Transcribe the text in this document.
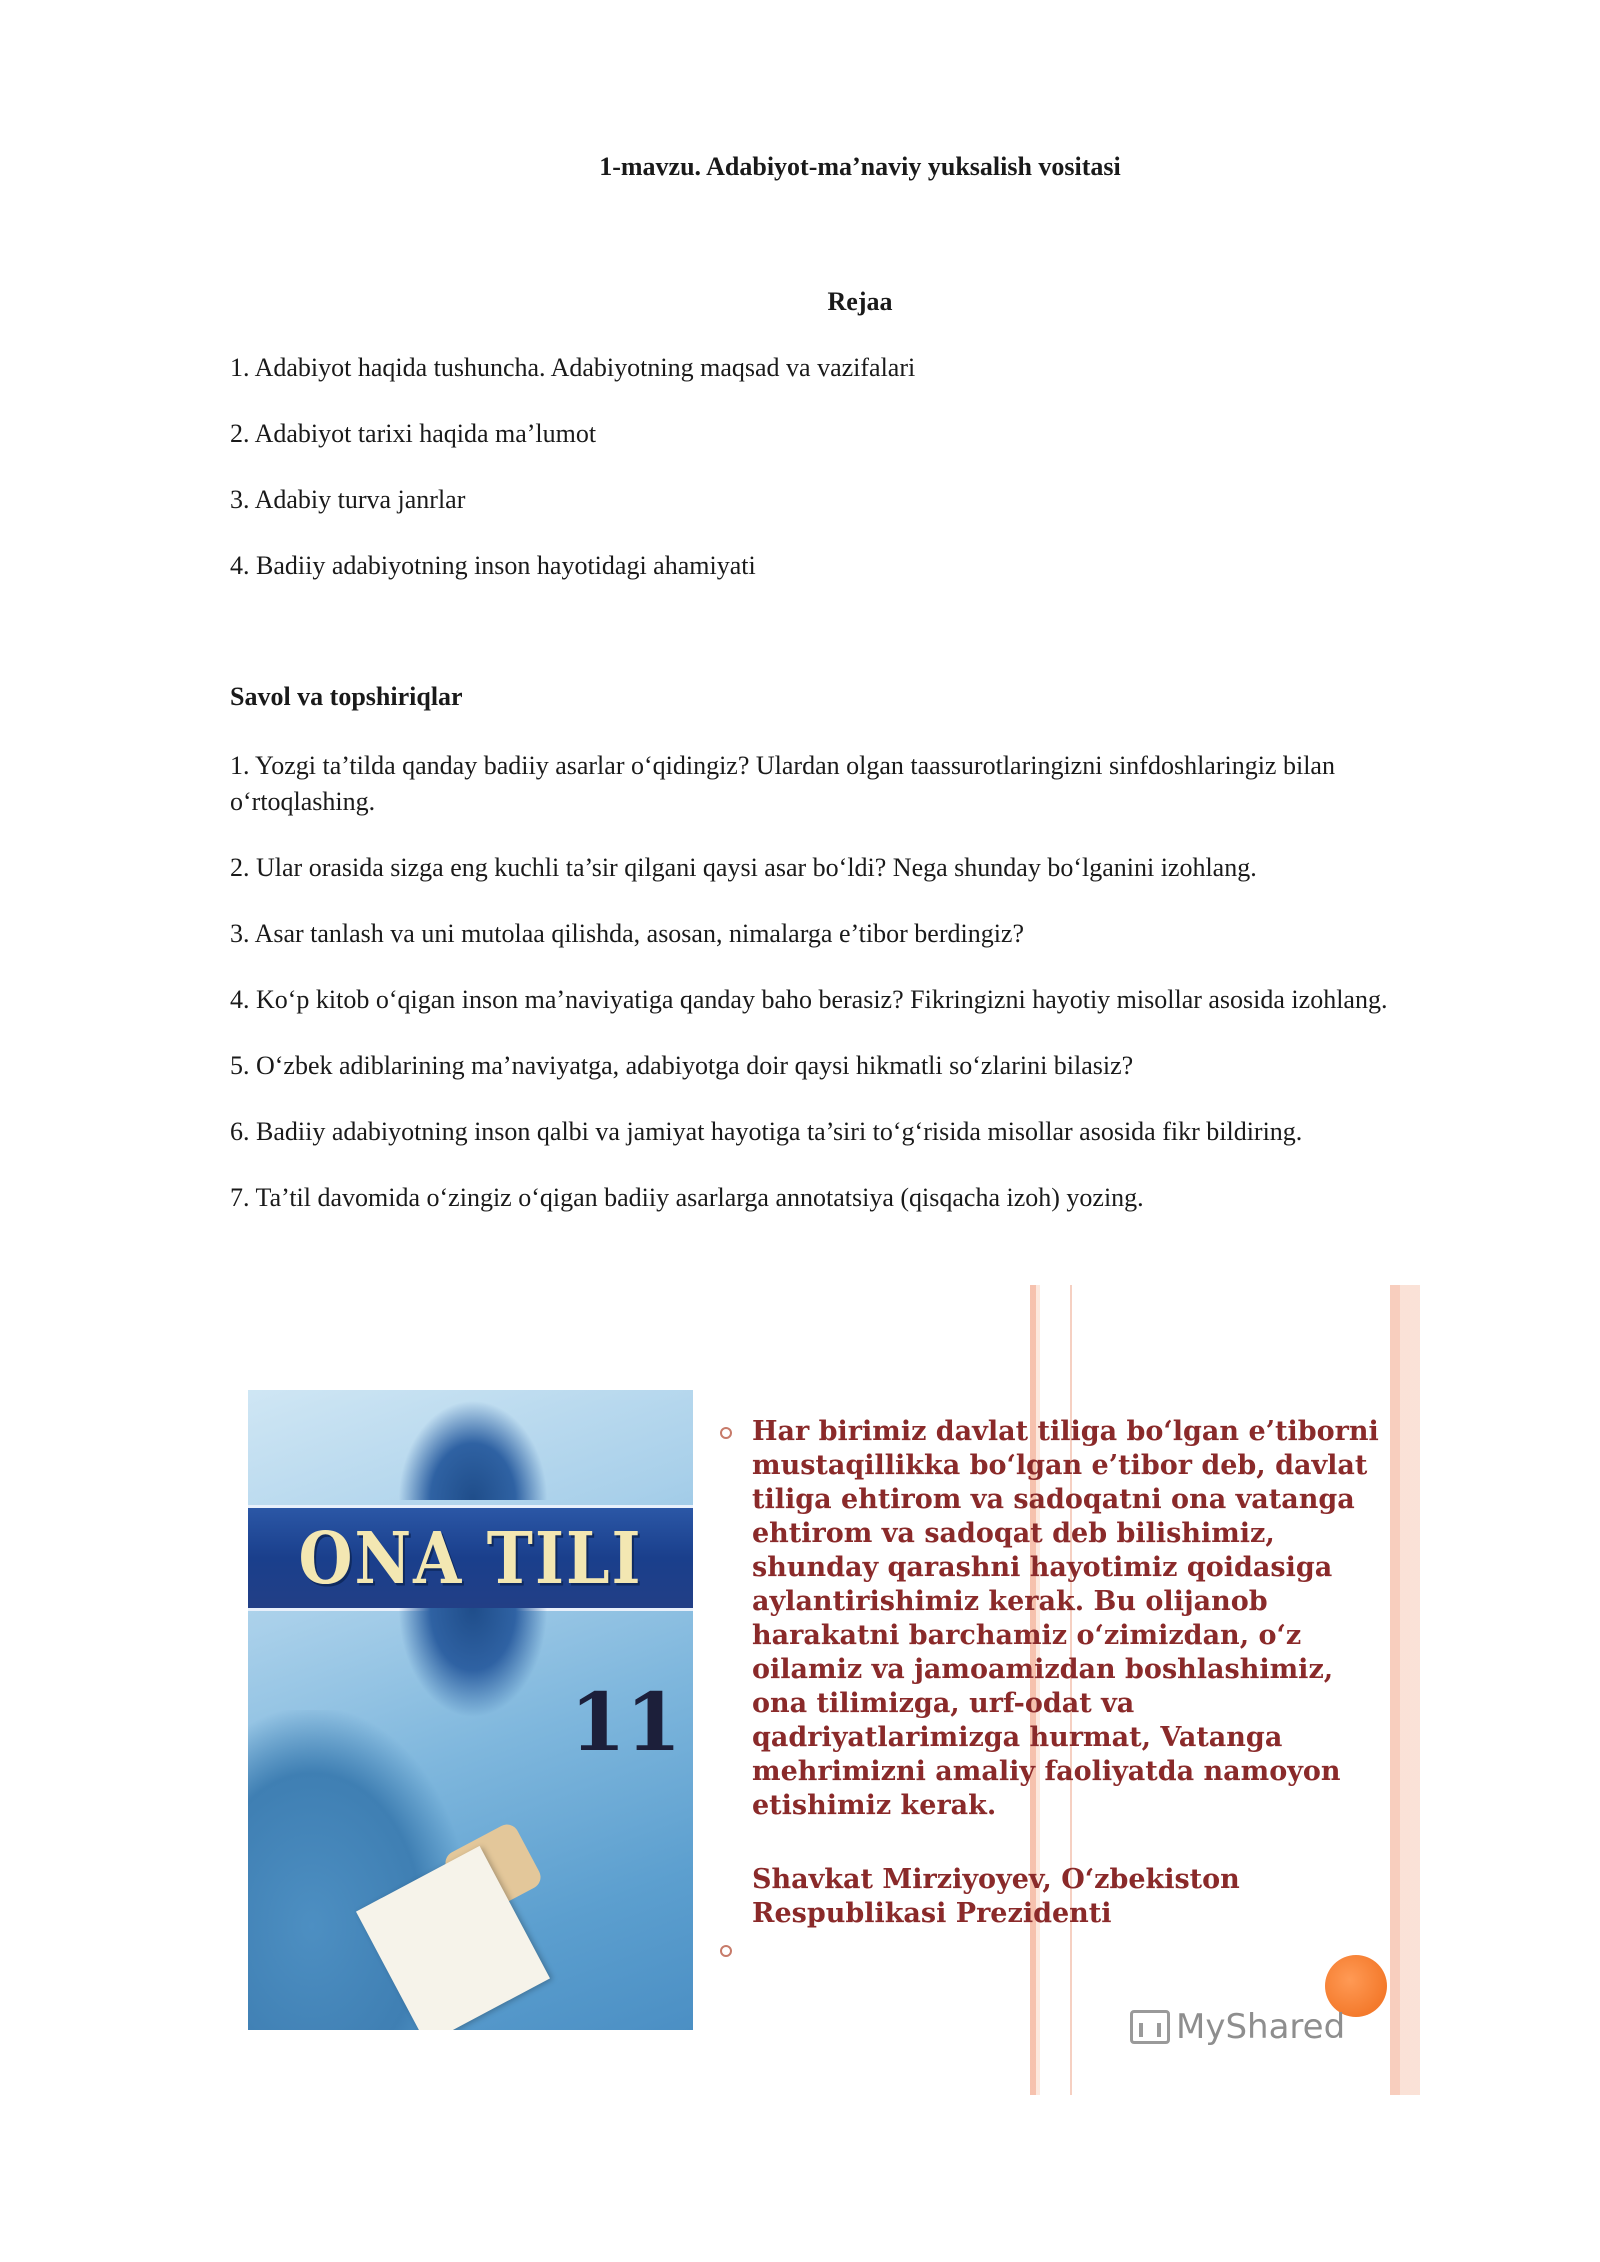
1-mavzu. Adabiyot-ma’naviy yuksalish vositasi
Rejaa
1. Adabiyot haqida tushuncha. Adabiyotning maqsad va vazifalari
2. Adabiyot tarixi haqida ma’lumot
3. Adabiy turva janrlar
4. Badiiy adabiyotning inson hayotidagi ahamiyati
Savol va topshiriqlar
1. Yozgi ta’tilda qanday badiiy asarlar o‘qidingiz? Ulardan olgan taassurotlaringizni sinfdoshlaringiz bilan o‘rtoqlashing.
2. Ular orasida sizga eng kuchli ta’sir qilgani qaysi asar bo‘ldi? Nega shunday bo‘lganini izohlang.
3. Asar tanlash va uni mutolaa qilishda, asosan, nimalarga e’tibor berdingiz?
4. Ko‘p kitob o‘qigan inson ma’naviyatiga qanday baho berasiz? Fikringizni hayotiy misollar asosida izohlang.
5. O‘zbek adiblarining ma’naviyatga, adabiyotga doir qaysi hikmatli so‘zlarini bilasiz?
6. Badiiy adabiyotning inson qalbi va jamiyat hayotiga ta’siri to‘g‘risida misollar asosida fikr bildiring.
7. Ta’til davomida o‘zingiz o‘qigan badiiy asarlarga annotatsiya (qisqacha izoh) yozing.
ONA TILI
11
Har birimiz davlat tiliga bo‘lgan e’tiborni mustaqillikka bo‘lgan e’tibor deb, davlat tiliga ehtirom va sadoqatni ona vatanga ehtirom va sadoqat deb bilishimiz, shunday qarashni hayotimiz qoidasiga aylantirishimiz kerak. Bu olijanob harakatni barchamiz o‘zimizdan, o‘z oilamiz va jamoamizdan boshlashimiz, ona tilimizga, urf-odat va qadriyatlarimizga hurmat, Vatanga mehrimizni amaliy faoliyatda namoyon etishimiz kerak.
Shavkat Mirziyoyev, O‘zbekiston Respublikasi Prezidenti
MyShared
